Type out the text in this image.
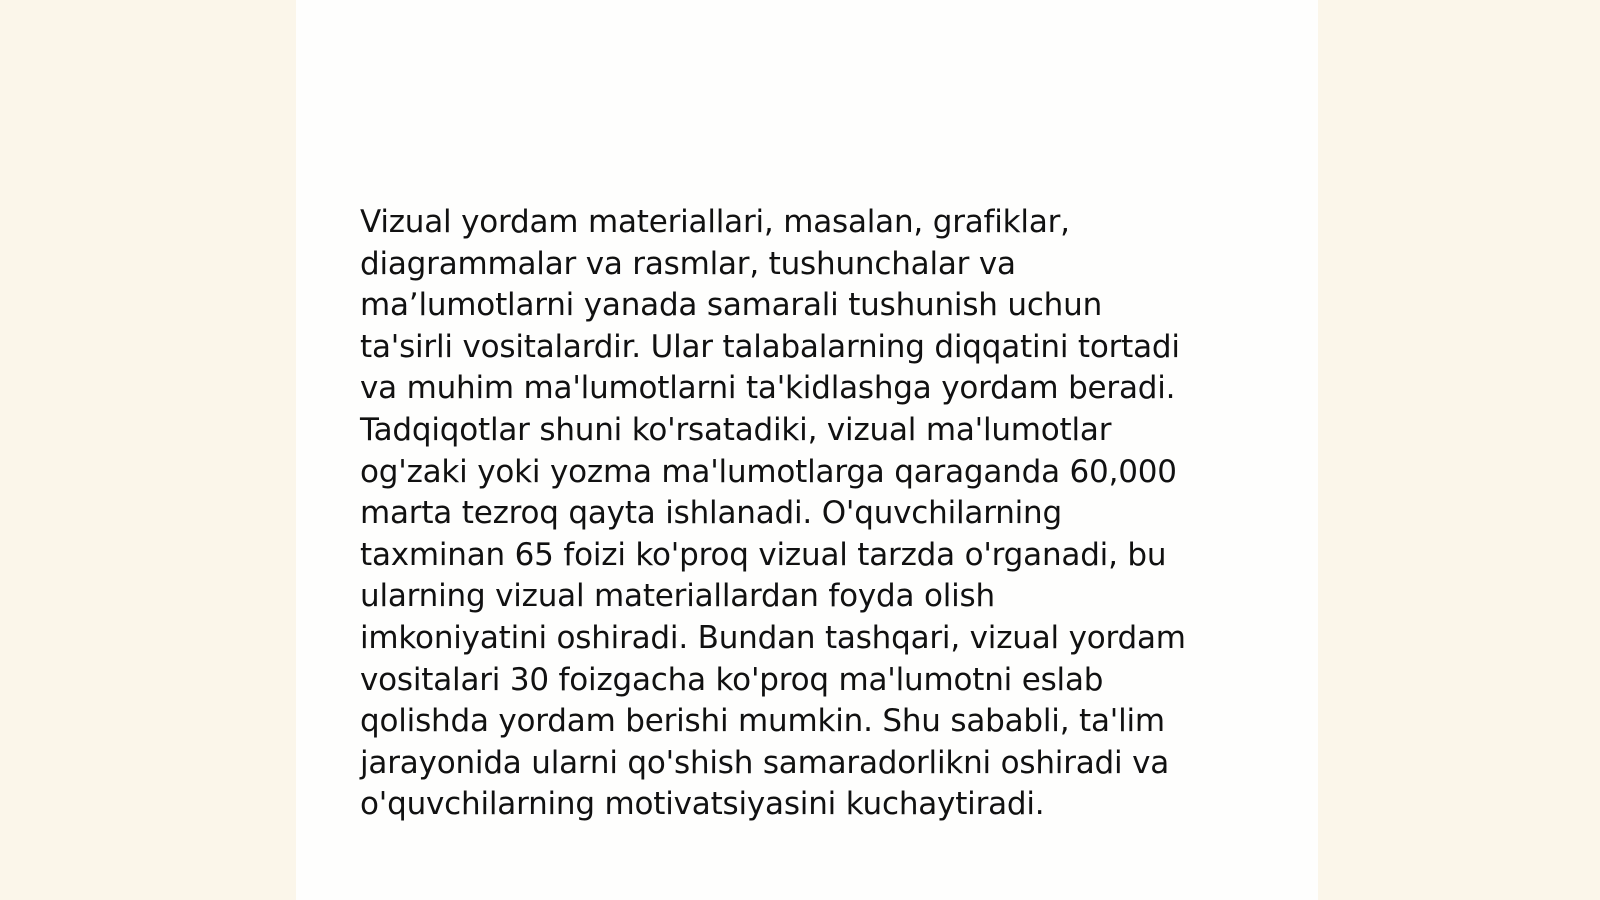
Vizual yordam materiallari, masalan, grafiklar,
diagrammalar va rasmlar, tushunchalar va
ma’lumotlarni yanada samarali tushunish uchun
ta'sirli vositalardir. Ular talabalarning diqqatini tortadi
va muhim ma'lumotlarni ta'kidlashga yordam beradi.
Tadqiqotlar shuni ko'rsatadiki, vizual ma'lumotlar
og'zaki yoki yozma ma'lumotlarga qaraganda 60,000
marta tezroq qayta ishlanadi. O'quvchilarning
taxminan 65 foizi ko'proq vizual tarzda o'rganadi, bu
ularning vizual materiallardan foyda olish
imkoniyatini oshiradi. Bundan tashqari, vizual yordam
vositalari 30 foizgacha ko'proq ma'lumotni eslab
qolishda yordam berishi mumkin. Shu sababli, ta'lim
jarayonida ularni qo'shish samaradorlikni oshiradi va
o'quvchilarning motivatsiyasini kuchaytiradi.
